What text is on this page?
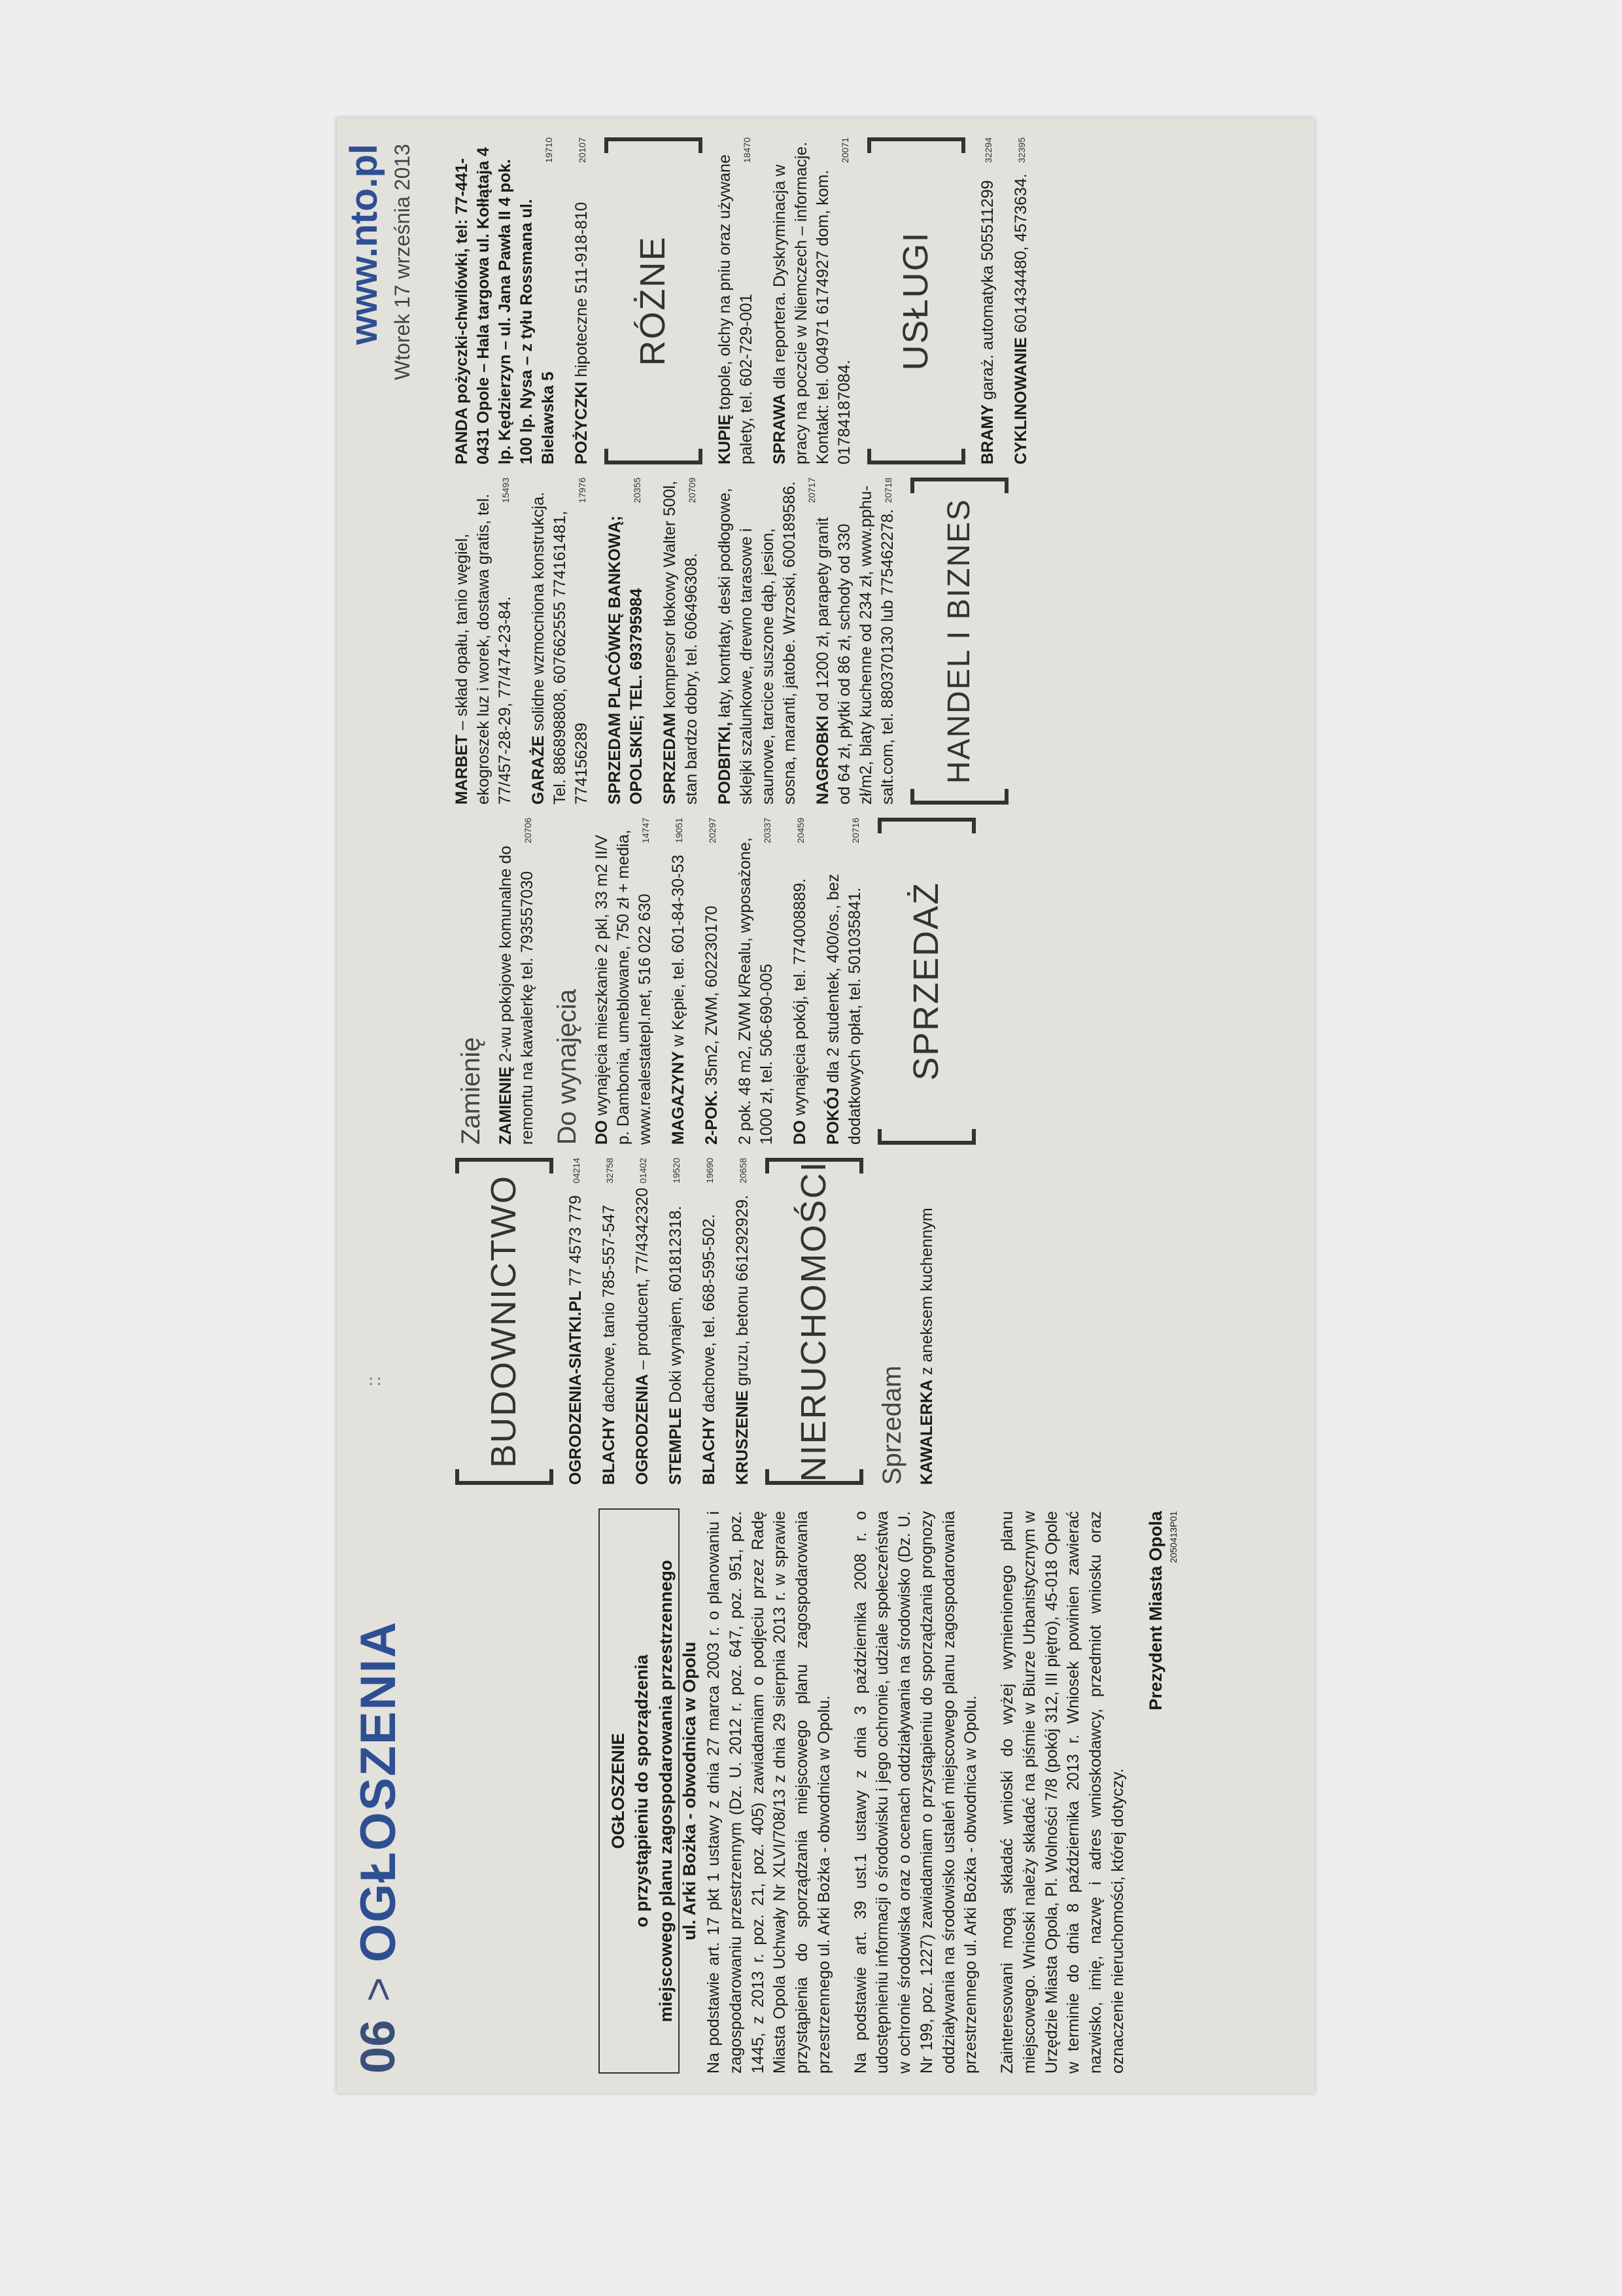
06
>
OGŁOSZENIA
::
www.nto.pl Wtorek 17 września 2013
OGŁOSZENIE o przystąpieniu do sporządzenia miejscowego planu zagospodarowania przestrzennego ul. Arki Bożka - obwodnica w Opolu Na podstawie art. 17 pkt 1 ustawy z dnia 27 marca 2003 r. o planowaniu i zagospodarowaniu przestrzennym (Dz. U. 2012 r. poz. 647, poz. 951, poz. 1445, z 2013 r. poz. 21, poz. 405) zawiadamiam o podjęciu przez Radę Miasta Opola Uchwały Nr XLVI/708/13 z dnia 29 sierpnia 2013 r. w sprawie przystąpienia do sporządzania miejscowego planu zagospodarowania przestrzennego ul. Arki Bożka - obwodnica w Opolu. Na podstawie art. 39 ust.1 ustawy z dnia 3 października 2008 r. o udostępnieniu informacji o środowisku i jego ochronie, udziale społeczeństwa w ochronie środowiska oraz o ocenach oddziaływania na środowisko (Dz. U. Nr 199, poz. 1227) zawiadamiam o przystąpieniu do sporządzania prognozy oddziaływania na środowisko ustaleń miejscowego planu zagospodarowania przestrzennego ul. Arki Bożka - obwodnica w Opolu. Zainteresowani mogą składać wnioski do wyżej wymienionego planu miejscowego. Wnioski należy składać na piśmie w Biurze Urbanistycznym w Urzędzie Miasta Opola, Pl. Wolności 7/8 (pokój 312, III piętro), 45-018 Opole w terminie do dnia 8 października 2013 r. Wniosek powinien zawierać nazwisko, imię, nazwę i adres wnioskodawcy, przedmiot wniosku oraz oznaczenie nieruchomości, której dotyczy.

Prezydent Miasta Opola 2050413P01
BUDOWNICTWO	OGRODZENIA-SIATKI.PL 77 4573 779
04214
BLACHY dachowe, tanio 785-557-547
32758
OGRODZENIA – producent, 77/4342320
01402
STEMPLE Doki wynajem, 601812318.
19520
BLACHY dachowe, tel. 668-595-502.
19690
KRUSZENIE gruzu, betonu 661292929.
20658	NIERUCHOMOŚCI	Sprzedam KAWALERKA z aneksem kuchennym
Zamienię ZAMIENIĘ 2-wu pokojowe komunalne do remontu na kawalerkę tel. 793557030
20706
Do wynajęcia DO wynajęcia mieszkanie 2 pkl, 33 m2 II/V p. Dambonia, umeblowane, 750 zł + media, www.realestatepl.net, 516 022 630
14747
MAGAZYNY w Kępie, tel. 601-84-30-53
19051
2-POK. 35m2, ZWM, 602230170
20297
2 pok. 48 m2, ZWM k/Realu, wyposażone, 1000 zł, tel. 506-690-005
20337
DO wynajęcia pokój, tel. 774008889.
20459
POKÓJ dla 2 studentek, 400/os., bez dodatkowych opłat, tel. 501035841.
20716
SPRZEDAŻ
MARBET – skład opału, tanio węgiel, ekogroszek luz i worek, dostawa gratis, tel. 77/457-28-29, 77/474-23-84.
15493
GARAŻE solidne wzmocniona konstrukcja. Tel. 886898808, 607662555 774161481, 774156289
17976
SPRZEDAM PLACÓWKĘ BANKOWĄ; OPOLSKIE; TEL. 693795984
20355
SPRZEDAM kompresor tłokowy Walter 500l, stan bardzo dobry, tel. 606496308.
20709
PODBITKI, łaty, kontrłaty, deski podłogowe, sklejki szalunkowe, drewno tarasowe i saunowe, tarcice suszone dąb, jesion, sosna, maranti, jatobe. Wrzoski, 600189586. 20717
NAGROBKI od 1200 zł, parapety granit od 64 zł, płytki od 86 zł, schody od 330 zł/m2, blaty kuchenne od 234 zł, www.pphu-salt.com, tel. 880370130 lub 775462278.
20718
HANDEL I BIZNES
PANDA pożyczki-chwilówki, tel: 77-441-0431 Opole – Hala targowa ul. Kołłątaja 4 lp. Kędzierzyn – ul. Jana Pawła II 4 pok. 100 lp. Nysa – z tyłu Rossmana ul. Bielawska 5
19710
POŻYCZKI hipoteczne 511-918-810
20107
RÓŻNE
KUPIĘ topole, olchy na pniu oraz używane palety, tel. 602-729-001
18470
SPRAWA dla reportera. Dyskryminacja w pracy na poczcie w Niemczech – informacje. Kontakt: tel. 004971 6174927 dom, kom. 01784187084.
20071
USŁUGI
BRAMY garaż. automatyka 505511299
32294
CYKLINOWANIE 601434480, 4573634.
32395
